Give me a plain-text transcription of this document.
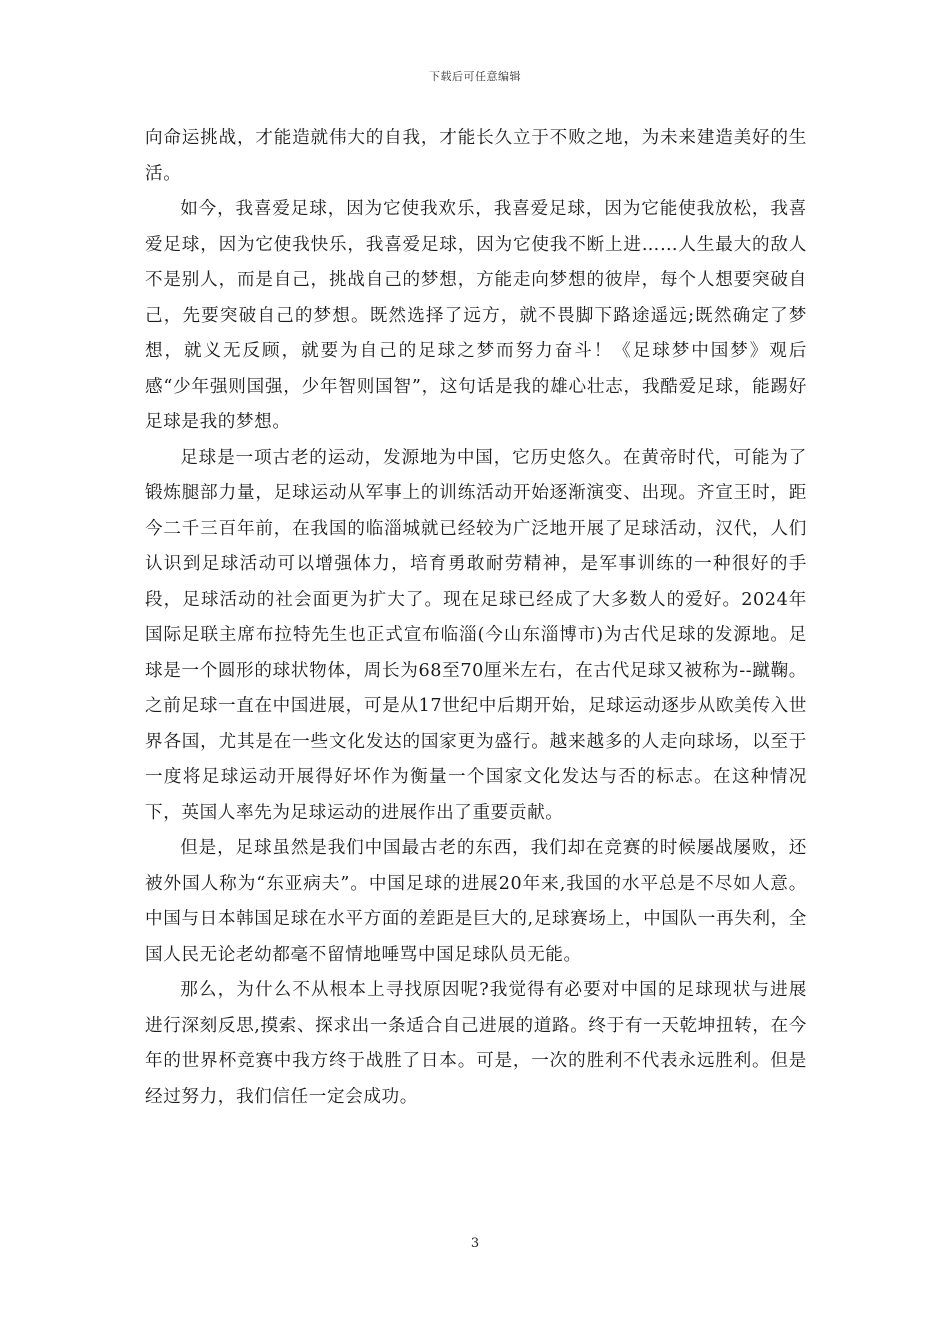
下载后可任意编辑

向命运挑战，才能造就伟大的自我，才能长久立于不败之地，为未来建造美好的生活。

如今，我喜爱足球，因为它使我欢乐，我喜爱足球，因为它能使我放松，我喜爱足球，因为它使我快乐，我喜爱足球，因为它使我不断上进……人生最大的敌人不是别人，而是自己，挑战自己的梦想，方能走向梦想的彼岸，每个人想要突破自己，先要突破自己的梦想。既然选择了远方，就不畏脚下路途遥远;既然确定了梦想，就义无反顾，就要为自己的足球之梦而努力奋斗！《足球梦中国梦》观后感“少年强则国强，少年智则国智”，这句话是我的雄心壮志，我酷爱足球，能踢好足球是我的梦想。

足球是一项古老的运动，发源地为中国，它历史悠久。在黄帝时代，可能为了锻炼腿部力量，足球运动从军事上的训练活动开始逐渐演变、出现。齐宣王时，距今二千三百年前，在我国的临淄城就已经较为广泛地开展了足球活动，汉代，人们认识到足球活动可以增强体力，培育勇敢耐劳精神，是军事训练的一种很好的手段，足球活动的社会面更为扩大了。现在足球已经成了大多数人的爱好。2024年国际足联主席布拉特先生也正式宣布临淄(今山东淄博市)为古代足球的发源地。足球是一个圆形的球状物体，周长为68至70厘米左右，在古代足球又被称为--蹴鞠。之前足球一直在中国进展，可是从17世纪中后期开始，足球运动逐步从欧美传入世界各国，尤其是在一些文化发达的国家更为盛行。越来越多的人走向球场，以至于一度将足球运动开展得好坏作为衡量一个国家文化发达与否的标志。在这种情况下，英国人率先为足球运动的进展作出了重要贡献。

但是，足球虽然是我们中国最古老的东西，我们却在竞赛的时候屡战屡败，还被外国人称为“东亚病夫”。中国足球的进展20年来,我国的水平总是不尽如人意。中国与日本韩国足球在水平方面的差距是巨大的,足球赛场上，中国队一再失利，全国人民无论老幼都毫不留情地唾骂中国足球队员无能。

那么，为什么不从根本上寻找原因呢?我觉得有必要对中国的足球现状与进展进行深刻反思,摸索、探求出一条适合自己进展的道路。终于有一天乾坤扭转，在今年的世界杯竞赛中我方终于战胜了日本。可是，一次的胜利不代表永远胜利。但是经过努力，我们信任一定会成功。

3
